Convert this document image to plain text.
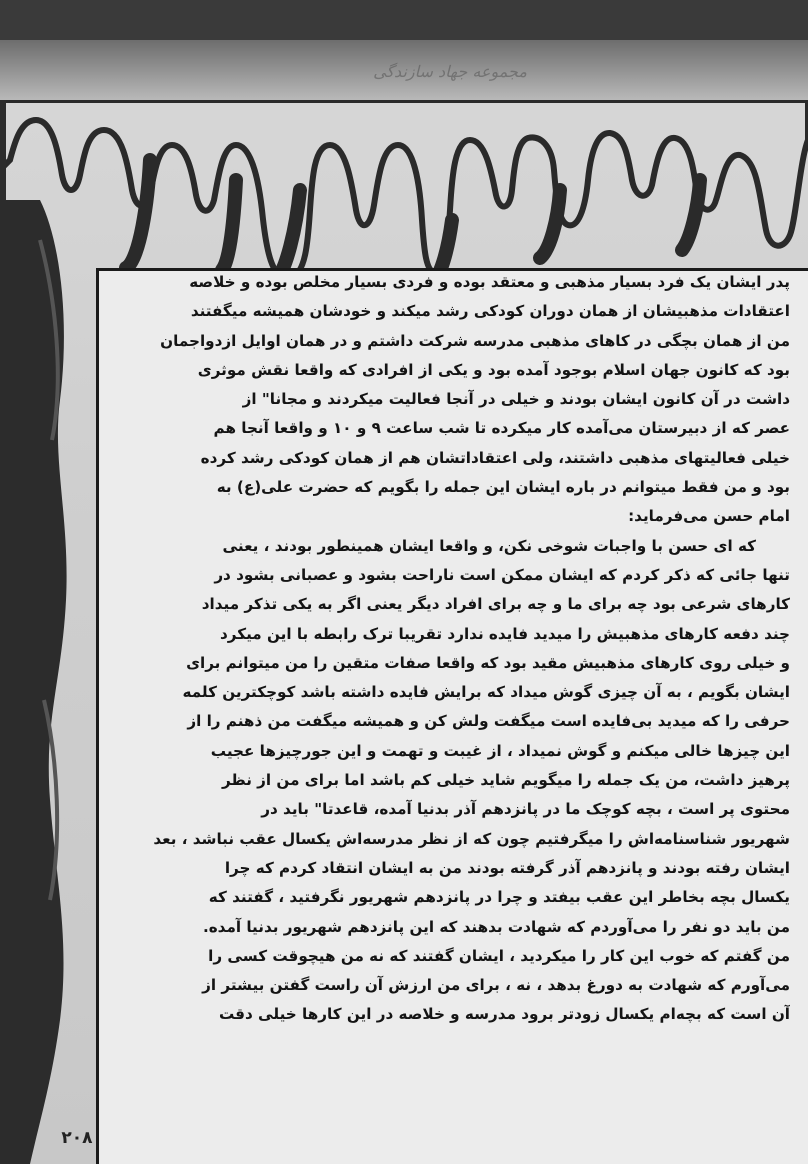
مجموعه جهاد سازندگی
پدر ایشان یک فرد بسیار مذهبی و معتقد بوده و فردی بسیار مخلص بوده و خلاصه
اعتقادات مذهبیشان از همان دوران کودکی رشد میکند و خودشان همیشه میگفتند
من از همان بچگی در کاهای مذهبی مدرسه شرکت داشتم و در همان اوایل ازدواجمان
بود که کانون جهان اسلام بوجود آمده بود و یکی از افرادی که واقعا نقش موثری
داشت در آن کانون ایشان بودند و خیلی در آنجا فعالیت میکردند و مجانا" از
عصر که از دبیرستان می‌آمده کار میکرده تا شب ساعت ۹ و ۱۰ و واقعا آنجا هم
خیلی فعالیتهای مذهبی داشتند، ولی اعتقاداتشان هم از همان کودکی رشد کرده
بود و من فقط میتوانم در باره ایشان این جمله را بگویم که حضرت علی(ع) به
امام حسن می‌فرماید:
که ای حسن با واجبات شوخی نکن، و واقعا ایشان همینطور بودند ، یعنی
تنها جائی که ذکر کردم که ایشان ممکن است ناراحت بشود و عصبانی بشود در
کارهای شرعی بود چه برای ما و چه برای افراد دیگر یعنی اگر به یکی تذکر میداد
چند دفعه کارهای مذهبیش را میدید فایده ندارد تقریبا ترک رابطه با این میکرد
و خیلی روی کارهای مذهبیش مقید بود که واقعا صفات متقین را من میتوانم برای
ایشان بگویم ، به آن چیزی گوش میداد که برایش فایده داشته باشد کوچکترین کلمه
حرفی را که میدید بی‌فایده است میگفت ولش کن و همیشه میگفت من ذهنم را از
این چیزها خالی میکنم و گوش نمیداد ، از غیبت و تهمت و این جورچیزها عجیب
پرهیز داشت، من یک جمله را میگویم شاید خیلی کم باشد اما برای من از نظر
محتوی پر است ، بچه کوچک ما در پانزدهم آذر بدنیا آمده، قاعدتا" باید در
شهریور شناسنامه‌اش را میگرفتیم چون که از نظر مدرسه‌اش یکسال عقب نباشد ، بعد
ایشان رفته بودند و پانزدهم آذر گرفته بودند من به ایشان انتقاد کردم که چرا
یکسال بچه بخاطر این عقب بیفتد و چرا در پانزدهم شهریور نگرفتید ، گفتند که
من باید دو نفر را می‌آوردم که شهادت بدهند که این پانزدهم شهریور بدنیا آمده.
من گفتم که خوب این کار را میکردید ، ایشان گفتند که نه من هیچوقت کسی را
می‌آورم که شهادت به دورغ بدهد ، نه ، برای من ارزش آن راست گفتن بیشتر از
آن است که بچه‌ام یکسال زودتر برود مدرسه و خلاصه در این کارها خیلی دقت
۲۰۸
